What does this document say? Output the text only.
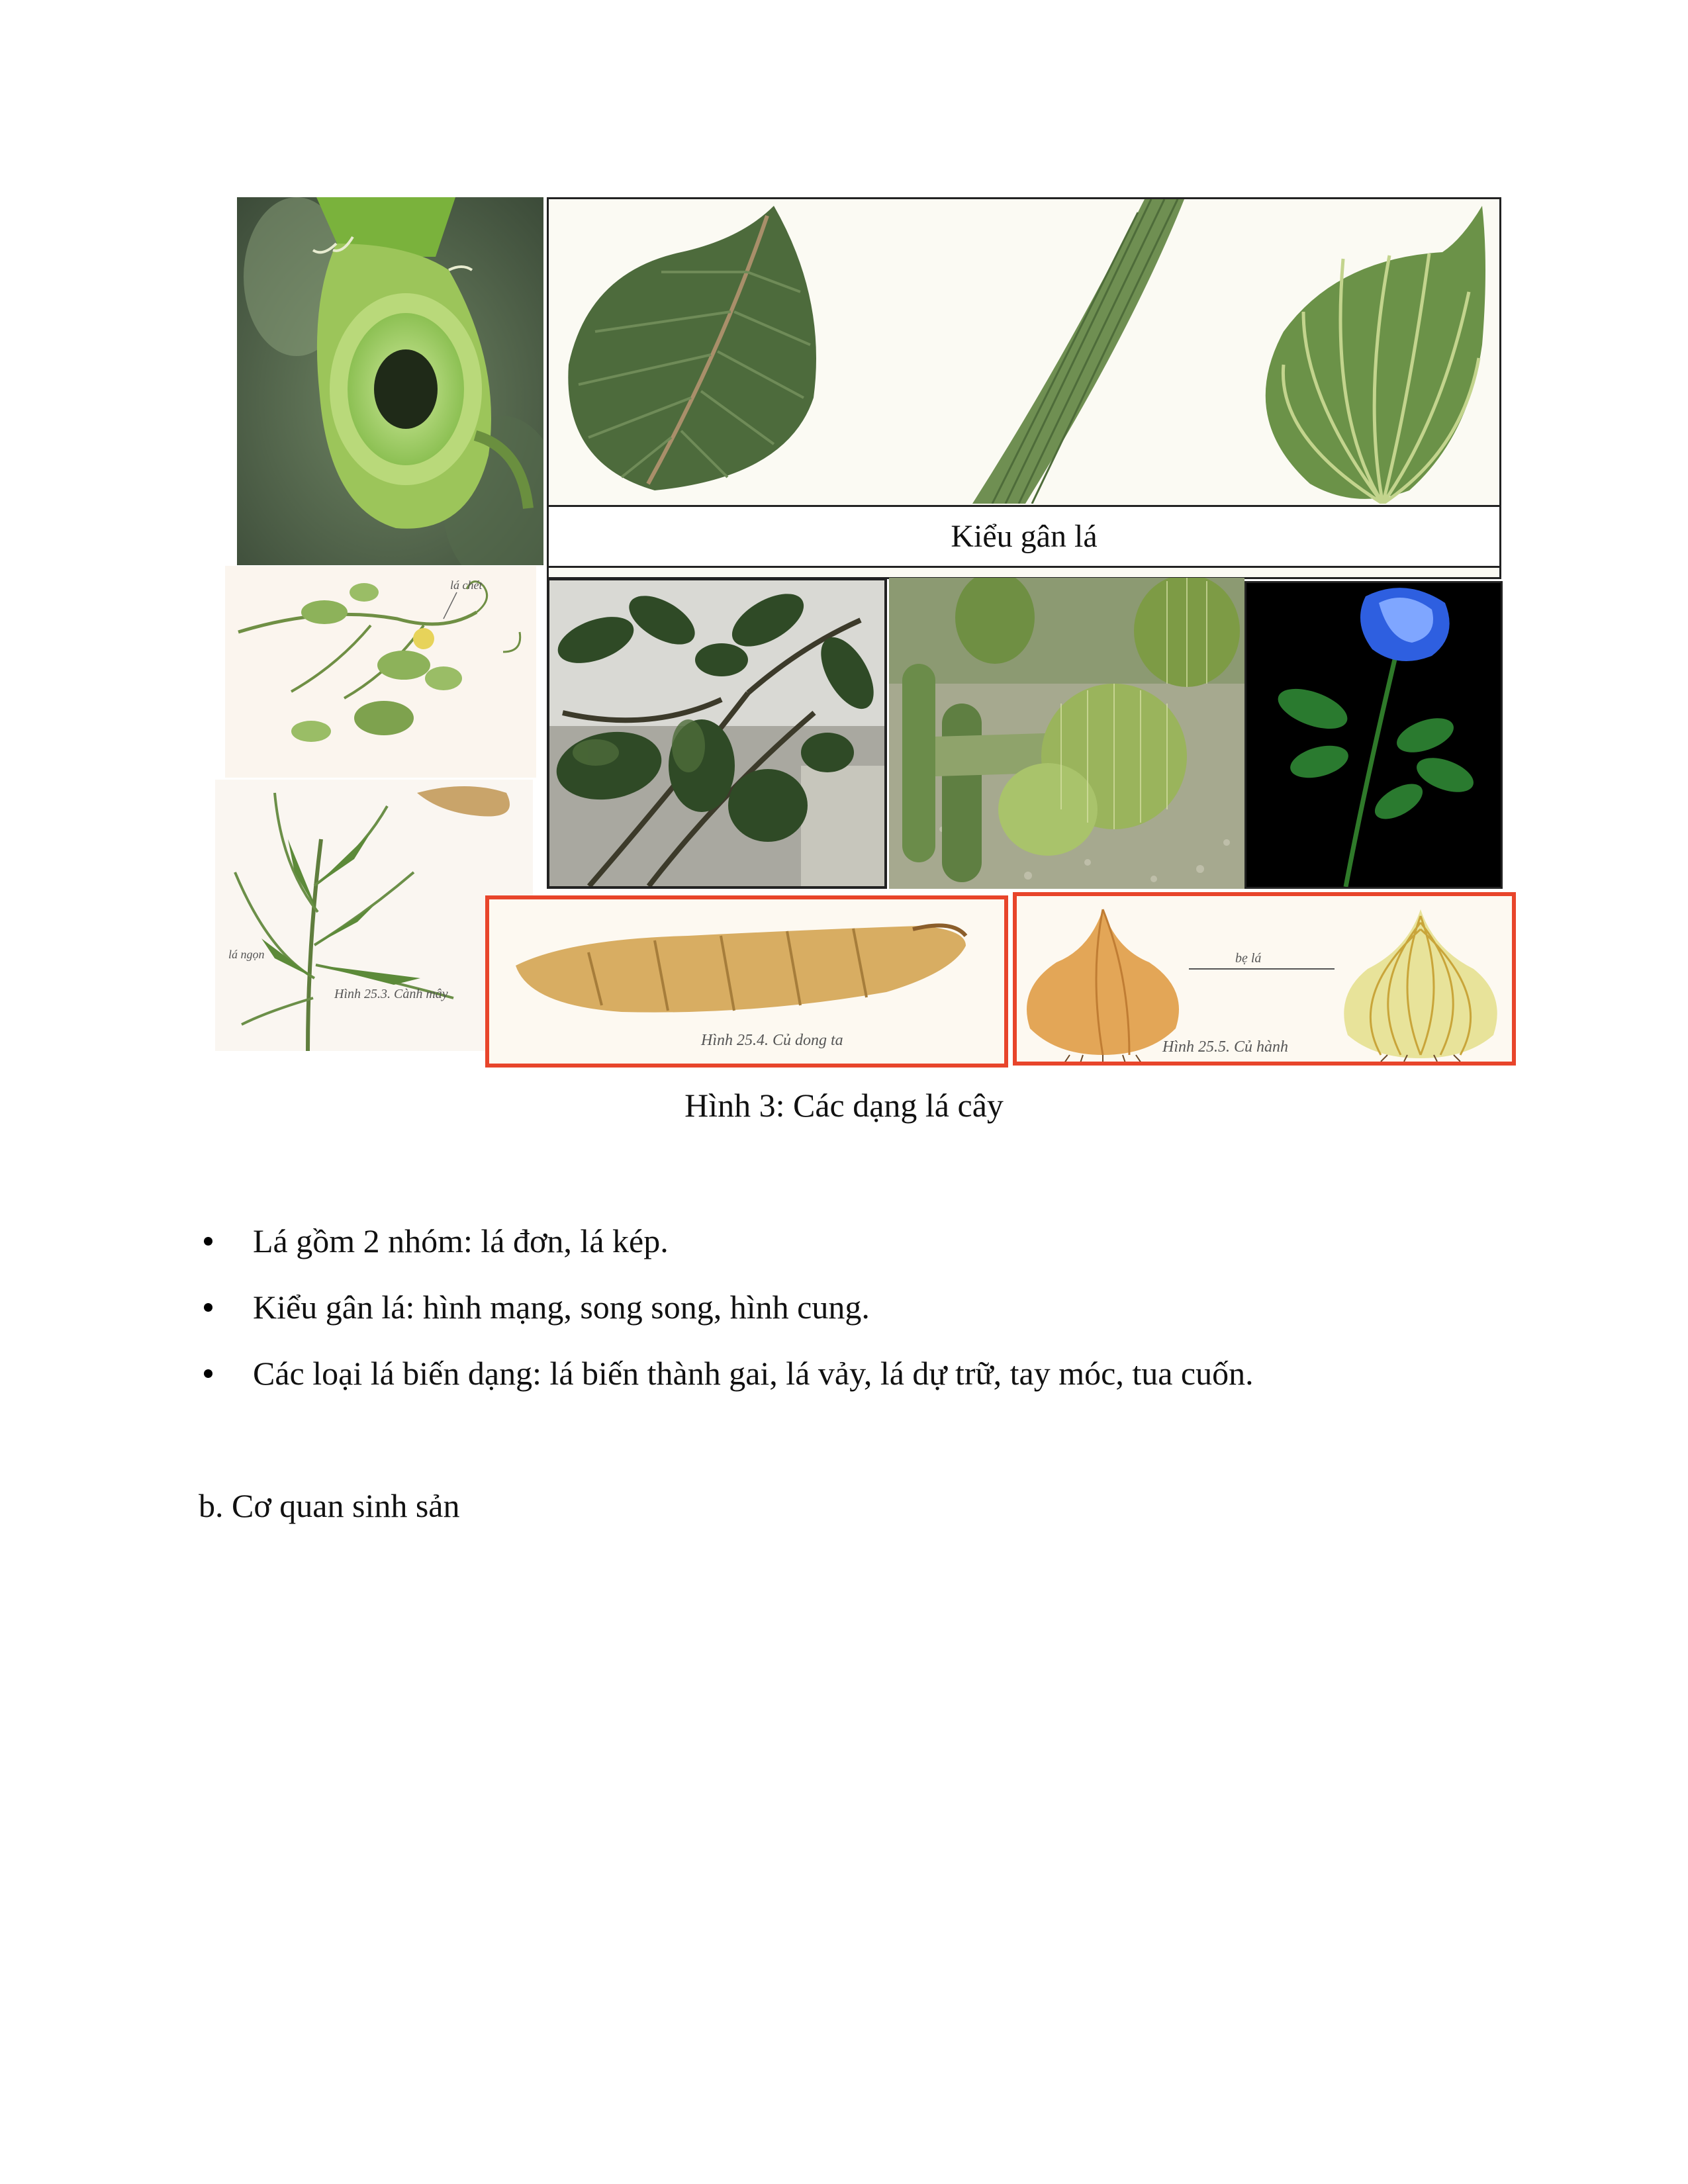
Kiểu gân lá
lá chét
lá ngọn
Hình 25.3. Cành mây
Hình 25.4. Củ dong ta
bẹ lá
Hình 25.5. Củ hành
Hình 3: Các dạng lá cây
Lá gồm 2 nhóm: lá đơn, lá kép.
Kiểu gân lá: hình mạng, song song, hình cung.
Các loại lá biến dạng: lá biến thành gai, lá vảy, lá dự trữ, tay móc, tua cuốn.
b. Cơ quan sinh sản
